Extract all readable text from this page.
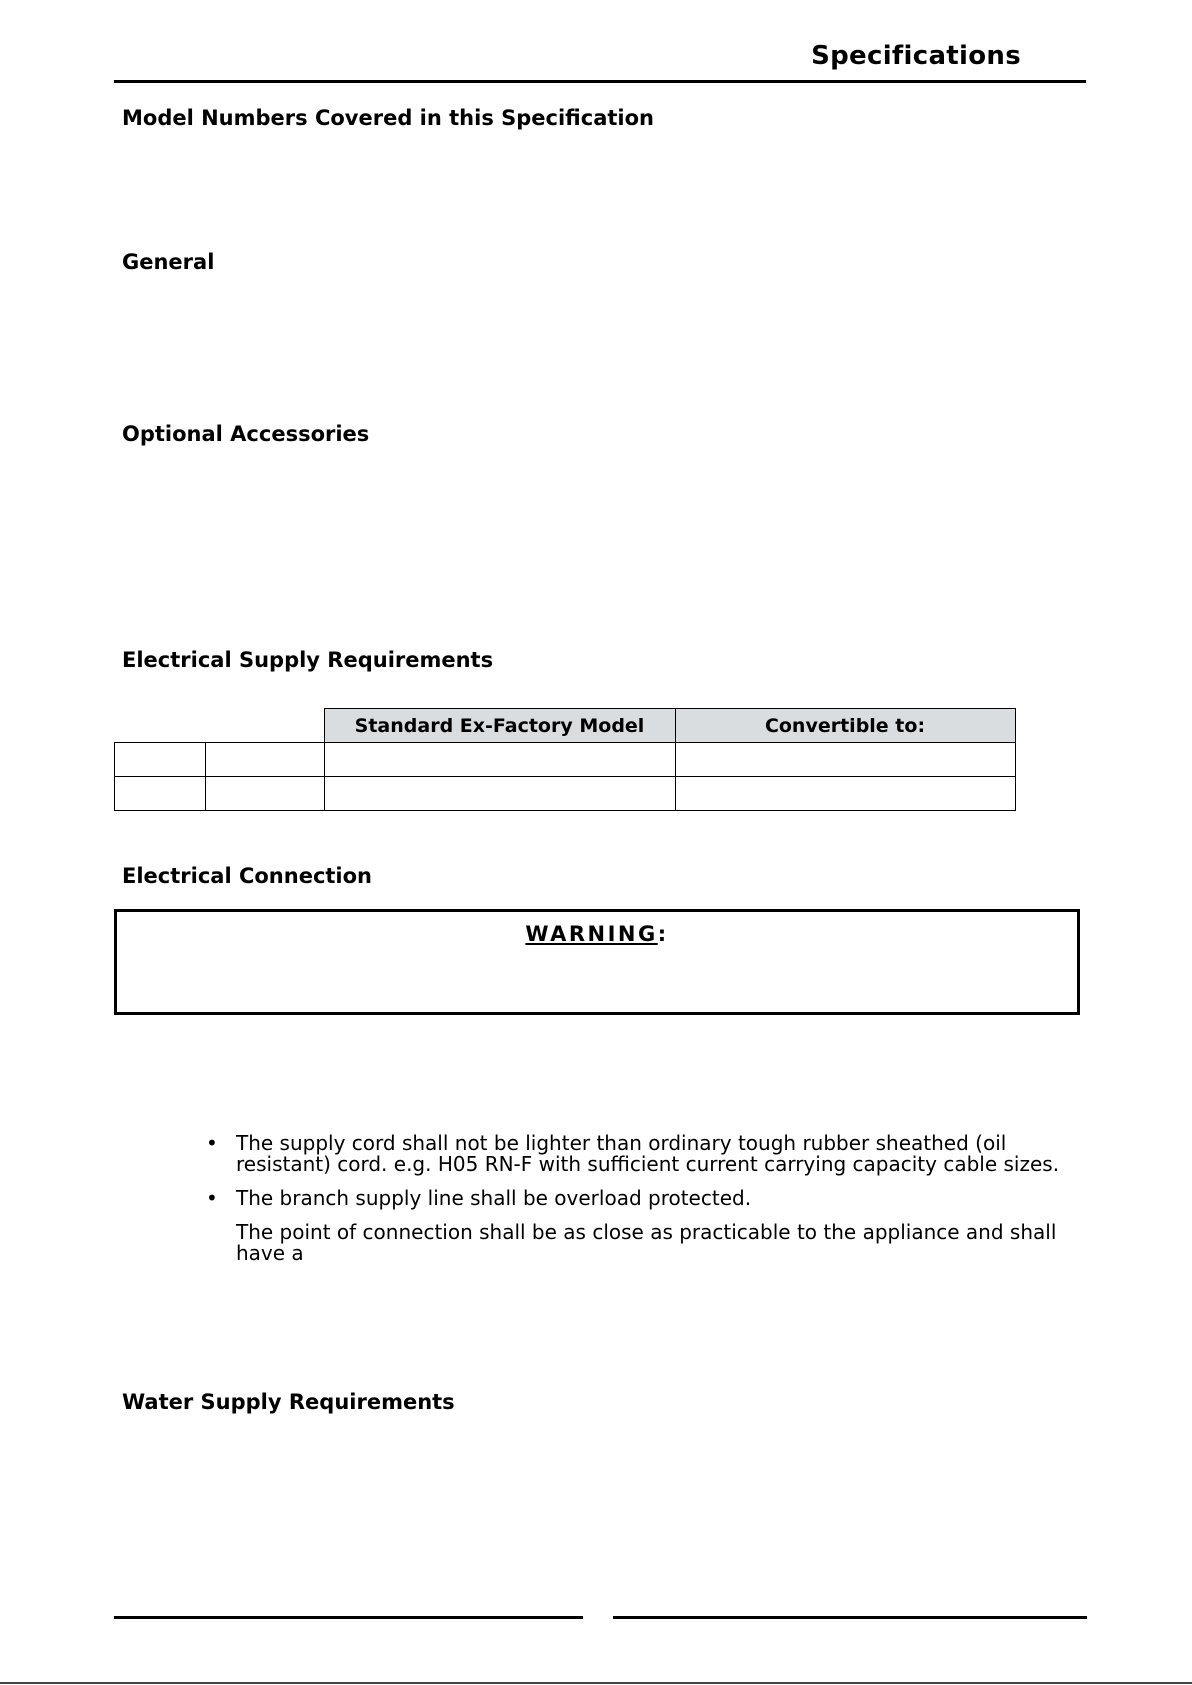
Specifications
Model Numbers Covered in this Specification
General
Optional Accessories
Electrical Supply Requirements
		Standard Ex-Factory Model	Convertible to:

Electrical Connection
WARNING:
• The supply cord shall not be lighter than ordinary tough rubber sheathed (oil resistant) cord. e.g. H05 RN-F with sufficient current carrying capacity cable sizes.
• The branch supply line shall be overload protected.
The point of connection shall be as close as practicable to the appliance and shall have a
Water Supply Requirements
